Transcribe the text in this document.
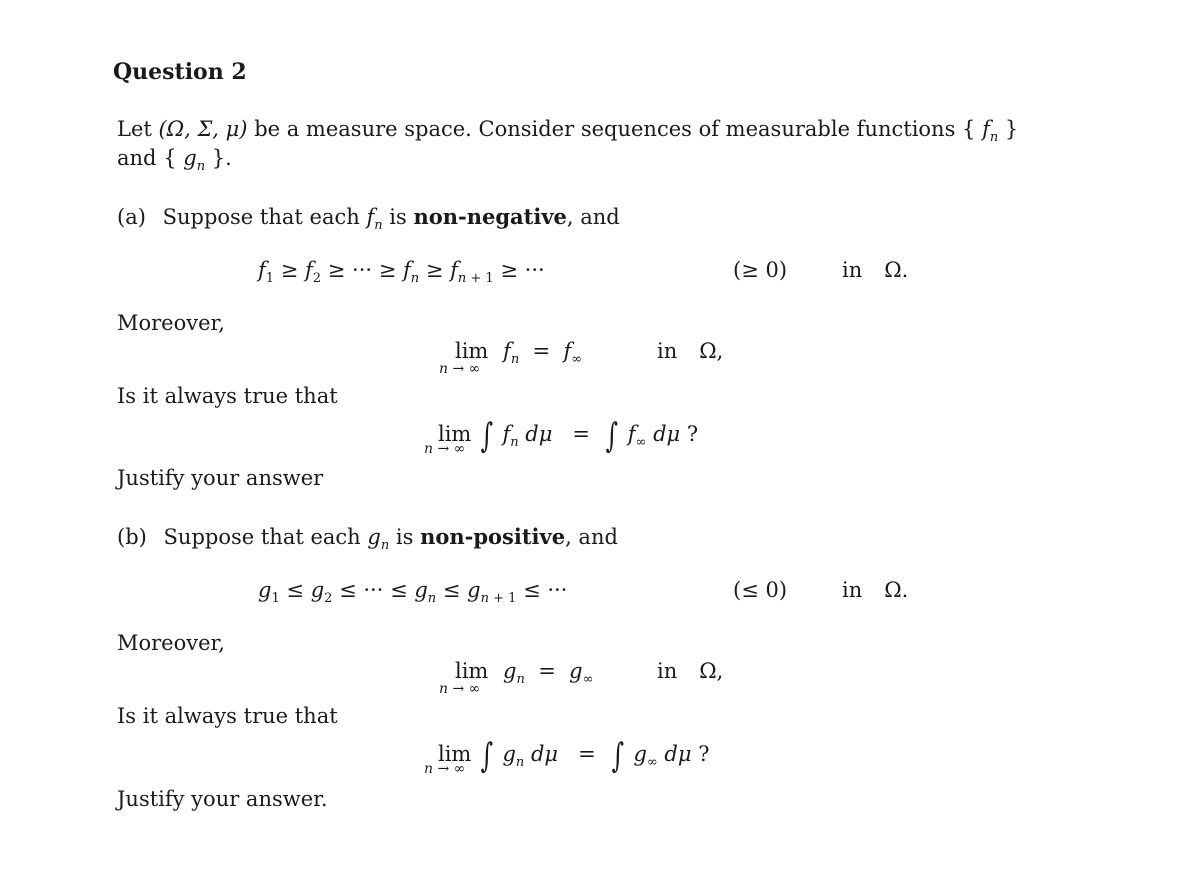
Question 2
Let (Ω, Σ, μ) be a measure space. Consider sequences of measurable functions { $f_n$ }
and { $g_n$ }.
(a) Suppose that each $f_n$ is non-negative, and
$f_1 \ge f_2$ ≥ ··· ≥ $f_n \ge f_n$ $_{+ 1}$ ≥ ···	(≥ 0)	in Ω.
Moreover,
$\lim f_n = f_\infty$
n → ∞
in Ω,
Is it always true that
lim ∫ $f_n$ dμ   =  ∫ $f_\infty$ dμ ?
n → ∞
Justify your answer
(b) Suppose that each $g_n$ is non-positive, and
$g_1 \le g_2$ ≤ ··· ≤ $g_n \le g_n$ $_{+ 1}$ ≤ ···	(≤ 0)	in Ω.
Moreover,
$\lim g_n = g_\infty$
n → ∞
in Ω,
Is it always true that
lim ∫ $g_n$ dμ   =  ∫ $g_\infty$ dμ ?
n → ∞
Justify your answer.
